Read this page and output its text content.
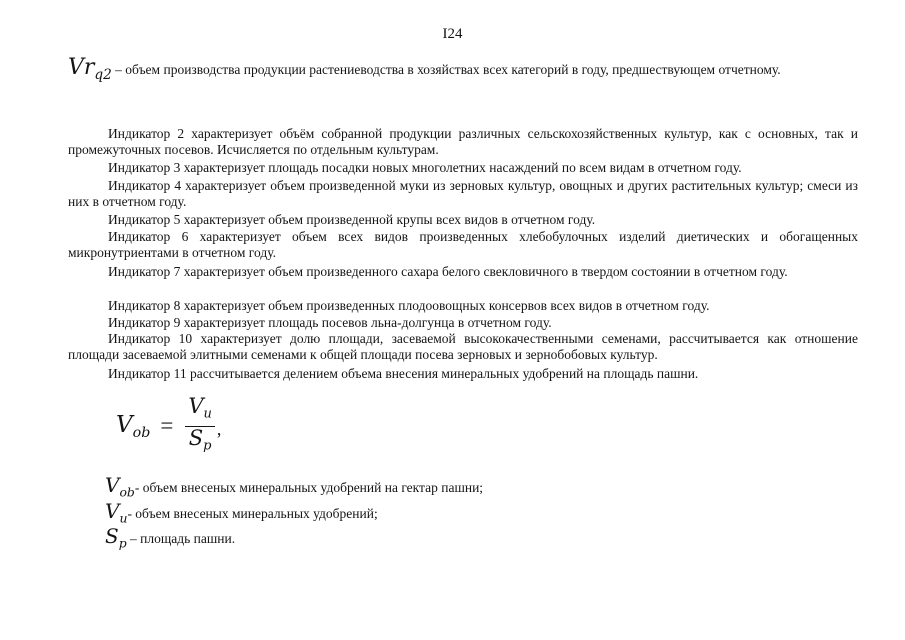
I24
$Vr_{q2}$ – объем производства продукции растениеводства в хозяйствах всех категорий в году, предшествующем отчетному.
Индикатор 2 характеризует объём собранной продукции различных сельскохозяйственных культур, как с основных, так и промежуточных посевов. Исчисляется по отдельным культурам.
Индикатор 3 характеризует площадь посадки новых многолетних насаждений по всем видам в отчетном году.
Индикатор 4 характеризует объем произведенной муки из зерновых культур, овощных и других растительных культур; смеси из них в отчетном году.
Индикатор 5 характеризует объем произведенной крупы всех видов в отчетном году.
Индикатор 6 характеризует объем всех видов произведенных хлебобулочных изделий диетических и обогащенных микронутриентами в отчетном году.
Индикатор 7 характеризует объем произведенного сахара белого свекловичного в твердом состоянии в отчетном году.
Индикатор 8 характеризует объем произведенных плодоовощных консервов всех видов в отчетном году.
Индикатор 9 характеризует площадь посевов льна-долгунца в отчетном году.
Индикатор 10 характеризует долю площади, засеваемой высококачественными семенами, рассчитывается как отношение площади засеваемой элитными семенами к общей площади посева зерновых и зернобобовых культур.
Индикатор 11 рассчитывается делением объема внесения минеральных удобрений на площадь пашни.
$V_{ob} = \frac{V_u}{S_p}$ ,
$V_{ob}-$ объем внесеных минеральных удобрений на гектар пашни;
$V_u-$ объем внесеных минеральных удобрений;
$S_p$ – площадь пашни.
